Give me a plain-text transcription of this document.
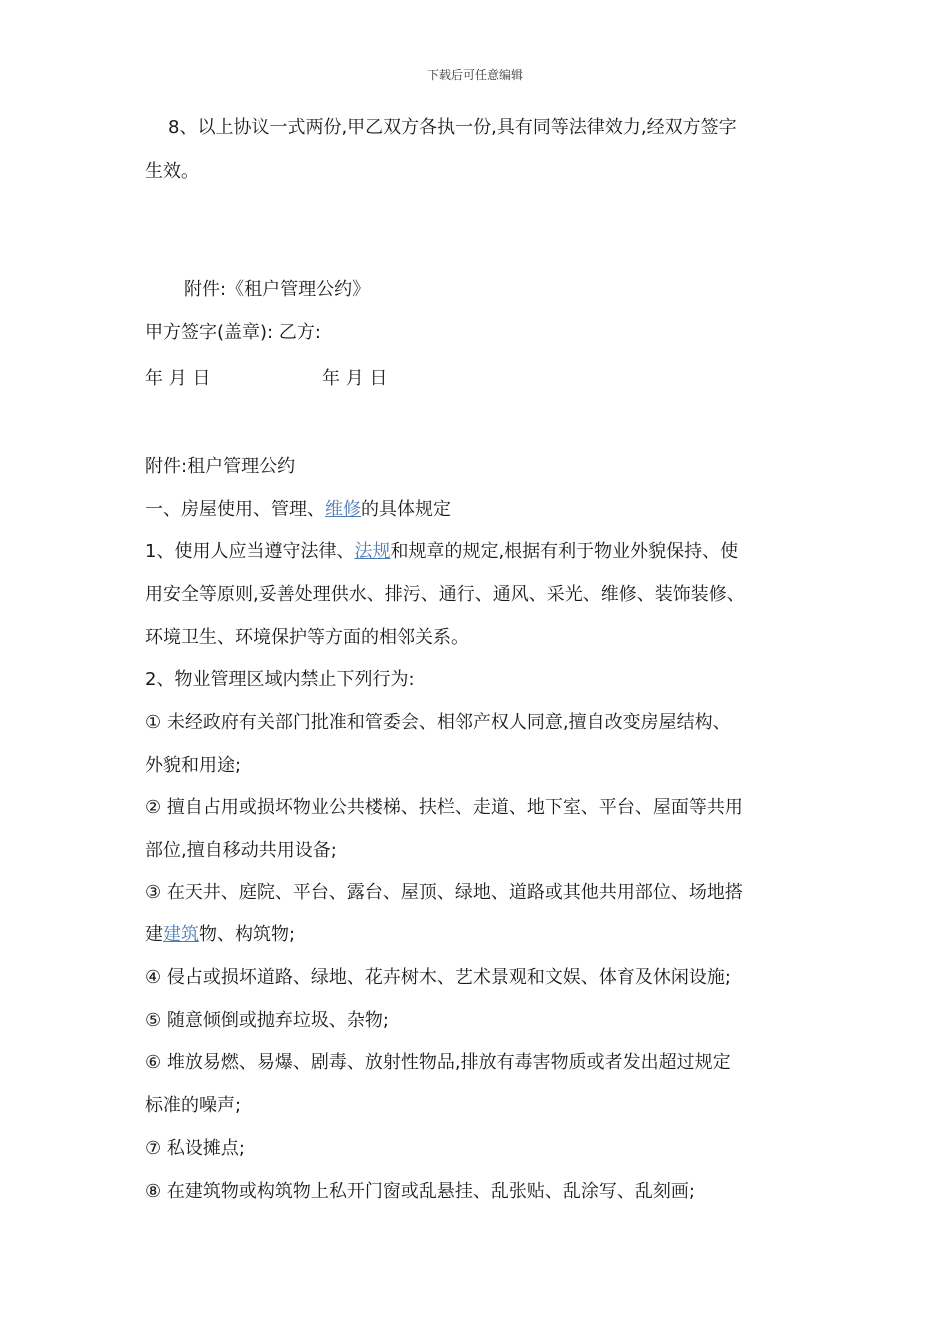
下载后可任意编辑
8、以上协议一式两份,甲乙双方各执一份,具有同等法律效力,经双方签字
生效。
附件:《租户管理公约》
甲方签字(盖章): 乙方:
年 月 日	年 月 日
附件:租户管理公约
一、房屋使用、管理、维修的具体规定
1、使用人应当遵守法律、法规和规章的规定,根据有利于物业外貌保持、使
用安全等原则,妥善处理供水、排污、通行、通风、采光、维修、装饰装修、
环境卫生、环境保护等方面的相邻关系。
2、物业管理区域内禁止下列行为:
① 未经政府有关部门批准和管委会、相邻产权人同意,擅自改变房屋结构、
外貌和用途;
② 擅自占用或损坏物业公共楼梯、扶栏、走道、地下室、平台、屋面等共用
部位,擅自移动共用设备;
③ 在天井、庭院、平台、露台、屋顶、绿地、道路或其他共用部位、场地搭
建建筑物、构筑物;
④ 侵占或损坏道路、绿地、花卉树木、艺术景观和文娱、体育及休闲设施;
⑤ 随意倾倒或抛弃垃圾、杂物;
⑥ 堆放易燃、易爆、剧毒、放射性物品,排放有毒害物质或者发出超过规定
标准的噪声;
⑦ 私设摊点;
⑧ 在建筑物或构筑物上私开门窗或乱悬挂、乱张贴、乱涂写、乱刻画;
